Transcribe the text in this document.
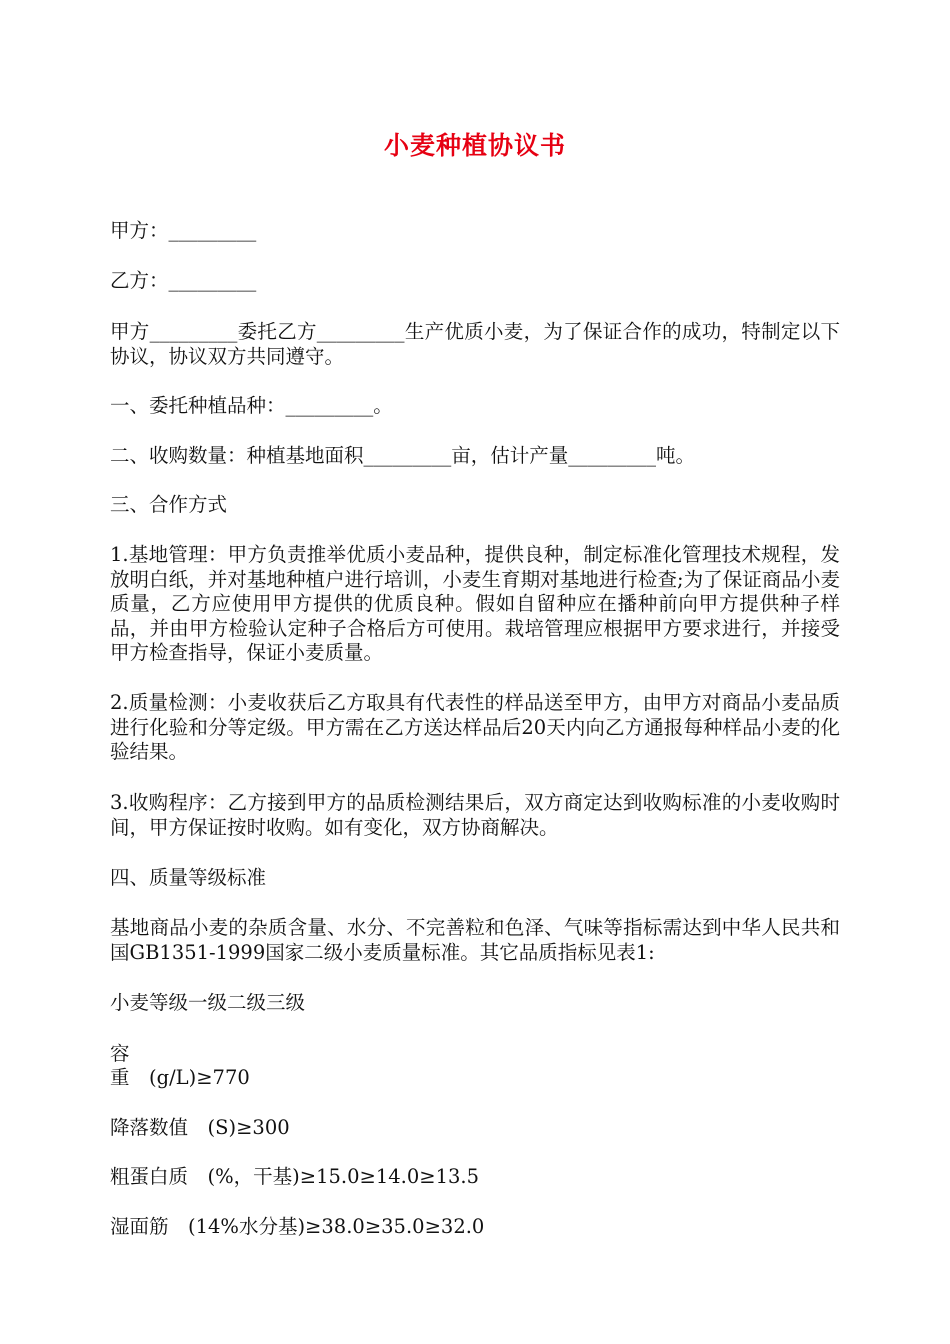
小麦种植协议书

甲方：_________

乙方：_________

甲方_________委托乙方_________生产优质小麦，为了保证合作的成功，特制定以下协议，协议双方共同遵守。

一、委托种植品种：_________。

二、收购数量：种植基地面积_________亩，估计产量_________吨。

三、合作方式

1.基地管理：甲方负责推举优质小麦品种，提供良种，制定标准化管理技术规程，发放明白纸，并对基地种植户进行培训，小麦生育期对基地进行检查;为了保证商品小麦质量，乙方应使用甲方提供的优质良种。假如自留种应在播种前向甲方提供种子样品，并由甲方检验认定种子合格后方可使用。栽培管理应根据甲方要求进行，并接受甲方检查指导，保证小麦质量。

2.质量检测：小麦收获后乙方取具有代表性的样品送至甲方，由甲方对商品小麦品质进行化验和分等定级。甲方需在乙方送达样品后20天内向乙方通报每种样品小麦的化验结果。

3.收购程序：乙方接到甲方的品质检测结果后，双方商定达到收购标准的小麦收购时间，甲方保证按时收购。如有变化，双方协商解决。

四、质量等级标准

基地商品小麦的杂质含量、水分、不完善粒和色泽、气味等指标需达到中华人民共和国GB1351-1999国家二级小麦质量标准。其它品质指标见表1:

小麦等级一级二级三级

容

重　(g/L)≥770

降落数值　(S)≥300

粗蛋白质　(%，干基)≥15.0≥14.0≥13.5

湿面筋　(14%水分基)≥38.0≥35.0≥32.0
